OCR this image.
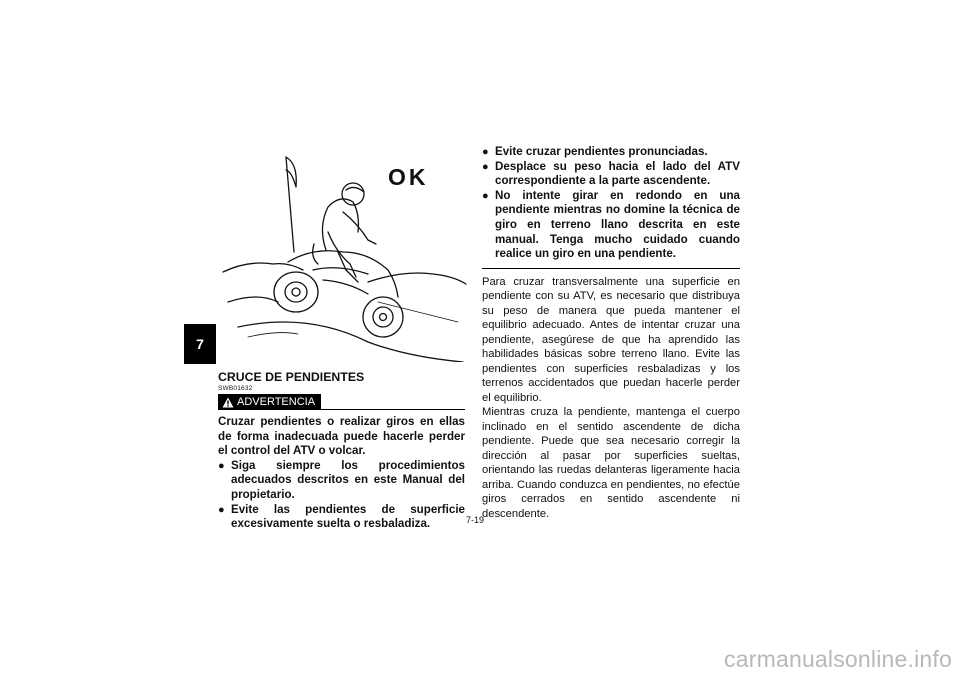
7
OK
CRUCE DE PENDIENTES
SWB01632
ADVERTENCIA
Cruzar pendientes o realizar giros en ellas de forma inadecuada puede hacerle perder el control del ATV o volcar.
● Siga siempre los procedimientos adecuados descritos en este Manual del propietario.
● Evite las pendientes de superficie excesivamente suelta o resbaladiza.
● Evite cruzar pendientes pronunciadas.
● Desplace su peso hacia el lado del ATV correspondiente a la parte ascendente.
● No intente girar en redondo en una pendiente mientras no domine la técnica de giro en terreno llano descrita en este manual. Tenga mucho cuidado cuando realice un giro en una pendiente.

Para cruzar transversalmente una superficie en pendiente con su ATV, es necesario que distribuya su peso de manera que pueda mantener el equilibrio adecuado. Antes de intentar cruzar una pendiente, asegúrese de que ha aprendido las habilidades básicas sobre terreno llano. Evite las pendientes con superficies resbaladizas y los terrenos accidentados que puedan hacerle perder el equilibrio.

Mientras cruza la pendiente, mantenga el cuerpo inclinado en el sentido ascendente de dicha pendiente. Puede que sea necesario corregir la dirección al pasar por superficies sueltas, orientando las ruedas delanteras ligeramente hacia arriba. Cuando conduzca en pendientes, no efectúe giros cerrados en sentido ascendente ni descendente.

7-19
carmanualsonline.info
